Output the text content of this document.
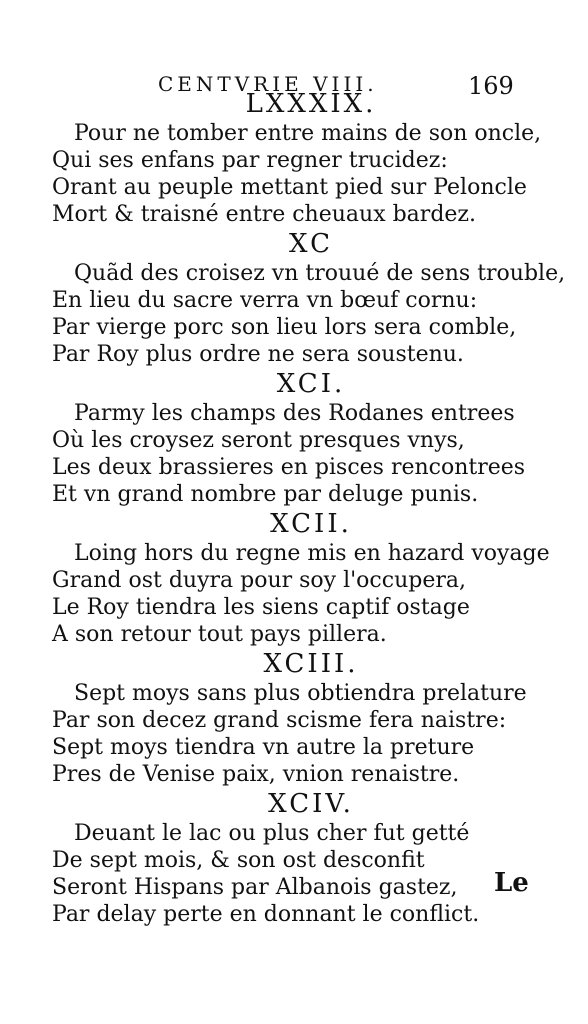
CENTVRIE VIII.	169
LXXXIX.
Pour ne tomber entre mains de son oncle,
Qui ses enfans par regner trucidez:
Orant au peuple mettant pied sur Peloncle
Mort & traisné entre cheuaux bardez.
XC
Quãd des croisez vn trouué de sens trouble,
En lieu du sacre verra vn bœuf cornu:
Par vierge porc son lieu lors sera comble,
Par Roy plus ordre ne sera soustenu.
XCI.
Parmy les champs des Rodanes entrees
Où les croysez seront presques vnys,
Les deux brassieres en pisces rencontrees
Et vn grand nombre par deluge punis.
XCII.
Loing hors du regne mis en hazard voyage
Grand ost duyra pour soy l'occupera,
Le Roy tiendra les siens captif ostage
A son retour tout pays pillera.
XCIII.
Sept moys sans plus obtiendra prelature
Par son decez grand scisme fera naistre:
Sept moys tiendra vn autre la preture
Pres de Venise paix, vnion renaistre.
XCIV.
Deuant le lac ou plus cher fut getté
De sept mois, & son ost desconfit
Seront Hispans par Albanois gastez,
Par delay perte en donnant le conflict.
Le
